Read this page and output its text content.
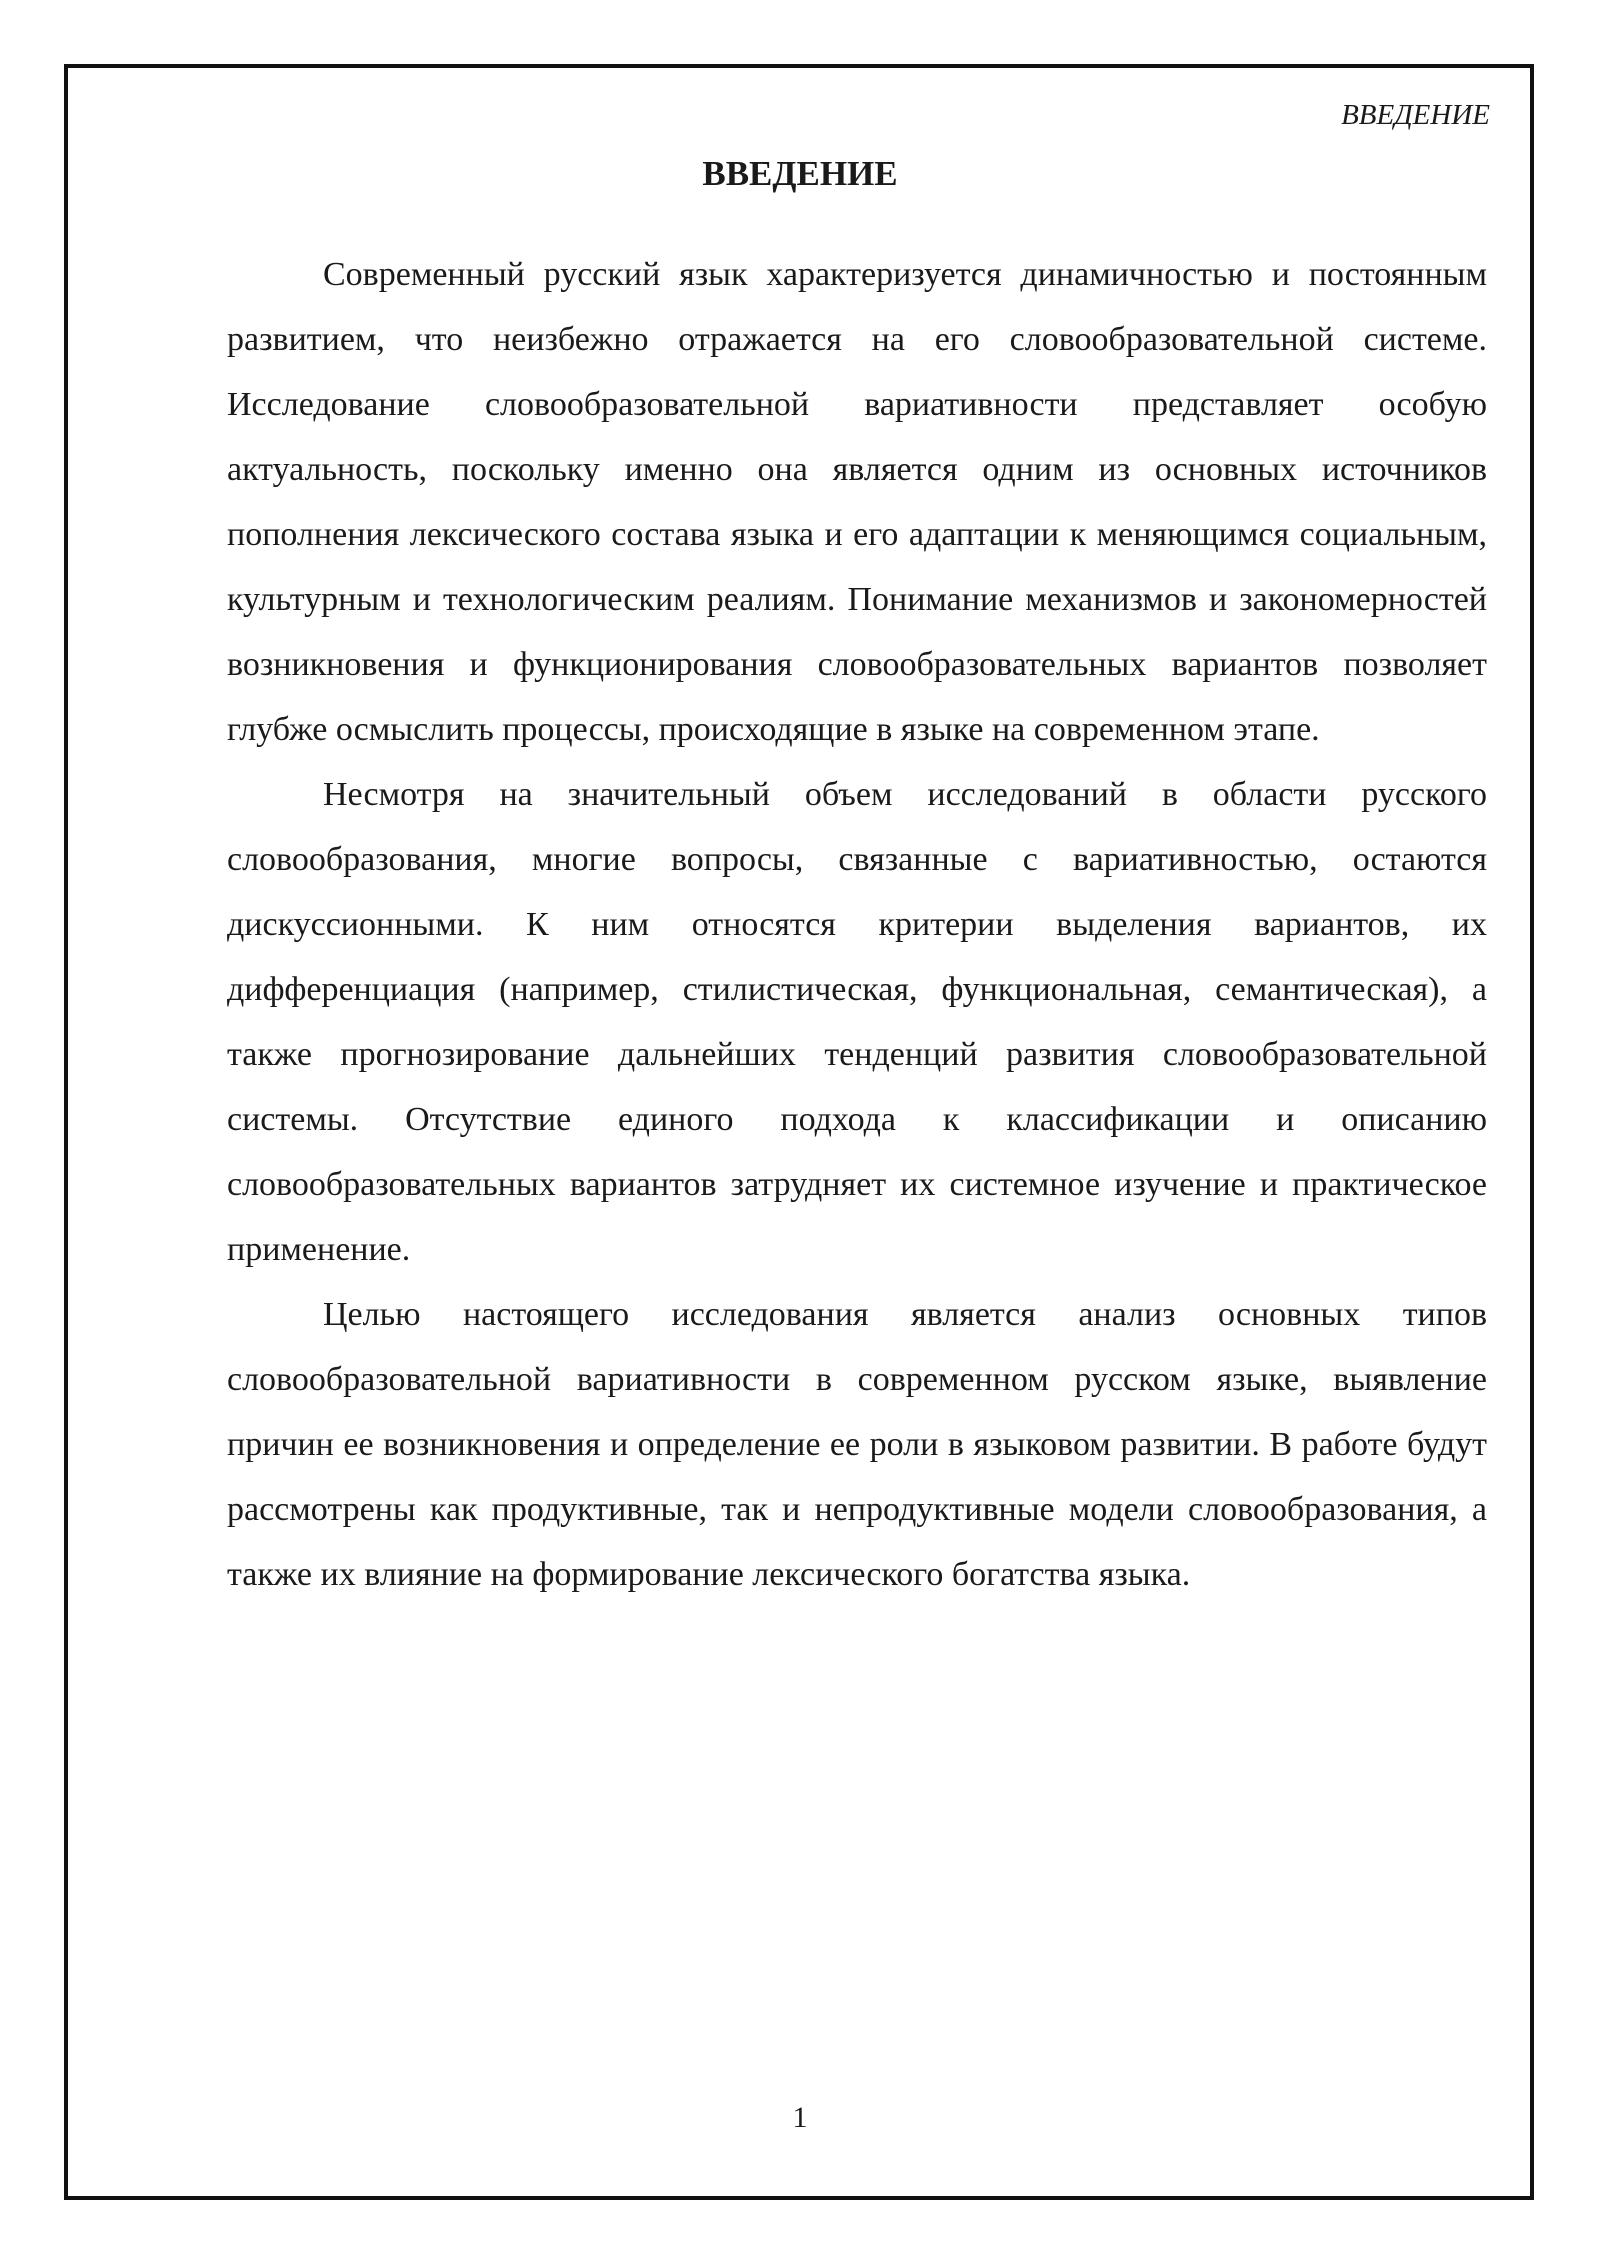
ВВЕДЕНИЕ

ВВЕДЕНИЕ

Современный русский язык характеризуется динамичностью и постоянным развитием, что неизбежно отражается на его словообразовательной системе. Исследование словообразовательной вариативности представляет особую актуальность, поскольку именно она является одним из основных источников пополнения лексического состава языка и его адаптации к меняющимся социальным, культурным и технологическим реалиям. Понимание механизмов и закономерностей возникновения и функционирования словообразовательных вариантов позволяет глубже осмыслить процессы, происходящие в языке на современном этапе.

Несмотря на значительный объем исследований в области русского словообразования, многие вопросы, связанные с вариативностью, остаются дискуссионными. К ним относятся критерии выделения вариантов, их дифференциация (например, стилистическая, функциональная, семантическая), а также прогнозирование дальнейших тенденций развития словообразовательной системы. Отсутствие единого подхода к классификации и описанию словообразовательных вариантов затрудняет их системное изучение и практическое применение.

Целью настоящего исследования является анализ основных типов словообразовательной вариативности в современном русском языке, выявление причин ее возникновения и определение ее роли в языковом развитии. В работе будут рассмотрены как продуктивные, так и непродуктивные модели словообразования, а также их влияние на формирование лексического богатства языка.

1
